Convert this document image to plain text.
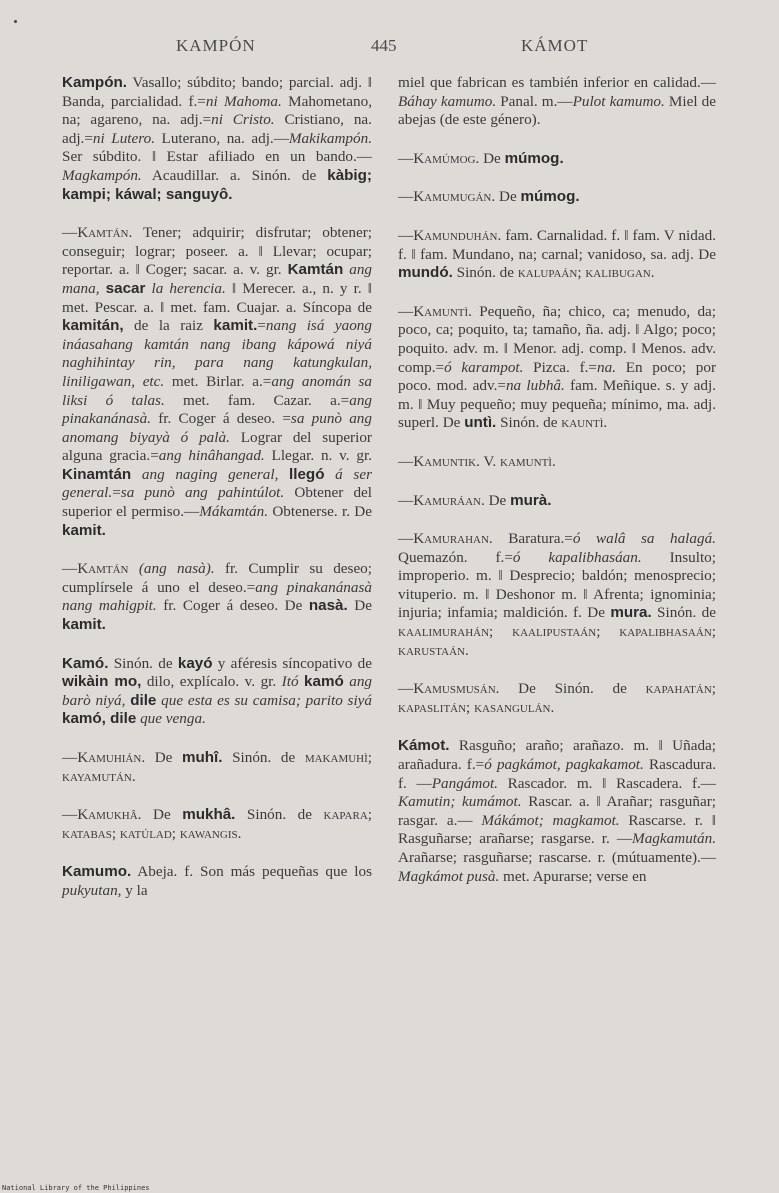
KAMPÓN	445	KÁMOT

Kampón. Vasallo; súbdito; bando; parcial. adj. ‖ Banda, parcialidad. f.=ni Mahoma. Mahometano, na; agareno, na. adj.=ni Cristo. Cristiano, na. adj.=ni Lutero. Luterano, na. adj.—Makikampón. Ser súbdito. ‖ Estar afiliado en un bando.—Magkampón. Acaudillar. a. Sinón. de kàbig; kampi; káwal; sanguyô.

—Kamtán. Tener; adquirir; disfrutar; obtener; conseguir; lograr; poseer. a. ‖ Llevar; ocupar; reportar. a. ‖ Coger; sacar. a. v. gr. Kamtán ang mana, sacar la herencia. ‖ Merecer. a., n. y r. ‖ met. Pescar. a. ‖ met. fam. Cuajar. a. Síncopa de kamitán, de la raiz kamit.=nang isá yaong ináasahang kamtán nang ibang kápowá niyá naghihintay rin, para nang katungkulan, liniligawan, etc. met. Birlar. a.=ang anomán sa liksi ó talas. met. fam. Cazar. a.=ang pinakanánasà. fr. Coger á deseo. =sa punò ang anomang biyayà ó palà. Lograr del superior alguna gracia.=ang hinâhangad. Llegar. n. v. gr. Kinamtán ang naging general, llegó á ser general.=sa punò ang pahintúlot. Obtener del superior el permiso.—Mákamtán. Obtenerse. r. De kamit.

—Kamtán (ang nasà). fr. Cumplir su deseo; cumplírsele á uno el deseo.=ang pinakanánasà nang mahigpit. fr. Coger á deseo. De nasà. De kamit.

Kamó. Sinón. de kayó y aféresis síncopativo de wikàin mo, dilo, explícalo. v. gr. Itó kamó ang barò niyá, dile que esta es su camisa; parito siyá kamó, dile que venga.

—Kamuhián. De muhî. Sinón. de makamuhì; kayamután.

—Kamukhâ. De mukhâ. Sinón. de kapara; katabas; katúlad; kawangis.

Kamumo. Abeja. f. Son más pequeñas que los pukyutan, y la

miel que fabrican es también inferior en calidad.—Báhay kamumo. Panal. m.—Pulot kamumo. Miel de abejas (de este género).

—Kamúmog. De múmog.

—Kamumugán. De múmog.

—Kamunduhán. fam. Carnalidad. f. ‖ fam. V nidad. f. ‖ fam. Mundano, na; carnal; vanidoso, sa. adj. De mundó. Sinón. de kalupaán; kalibugan.

—Kamuntì. Pequeño, ña; chico, ca; menudo, da; poco, ca; poquito, ta; tamaño, ña. adj. ‖ Algo; poco; poquito. adv. m. ‖ Menor. adj. comp. ‖ Menos. adv. comp.=ó karampot. Pizca. f.=na. En poco; por poco. mod. adv.=na lubhâ. fam. Meñique. s. y adj. m. ‖ Muy pequeño; muy pequeña; mínimo, ma. adj. superl. De untì. Sinón. de kauntì.

—Kamuntik. V. kamuntì.

—Kamuráan. De murà.

—Kamurahan. Baratura.=ó walâ sa halagá. Quemazón. f.=ó kapalibhasáan. Insulto; improperio. m. ‖ Desprecio; baldón; menosprecio; vituperio. m. ‖ Deshonor m. ‖ Afrenta; ignominia; injuria; infamia; maldición. f. De mura. Sinón. de kaalimurahán; kaalipustaán; kapalibhasaán; karustaán.

—Kamusmusán. De Sinón. de kapahatán; kapaslitán; kasangulán.

Kámot. Rasguño; araño; arañazo. m. ‖ Uñada; arañadura. f.=ó pagkámot, pagkakamot. Rascadura. f. —Pangámot. Rascador. m. ‖ Rascadera. f.—Kamutin; kumámot. Rascar. a. ‖ Arañar; rasguñar; rasgar. a.— Mákámot; magkamot. Rascarse. r. ‖ Rasguñarse; arañarse; rasgarse. r. —Magkamután. Arañarse; rasguñarse; rascarse. r. (mútuamente).—Magkámot pusà. met. Apurarse; verse en

National Library of the Philippines
